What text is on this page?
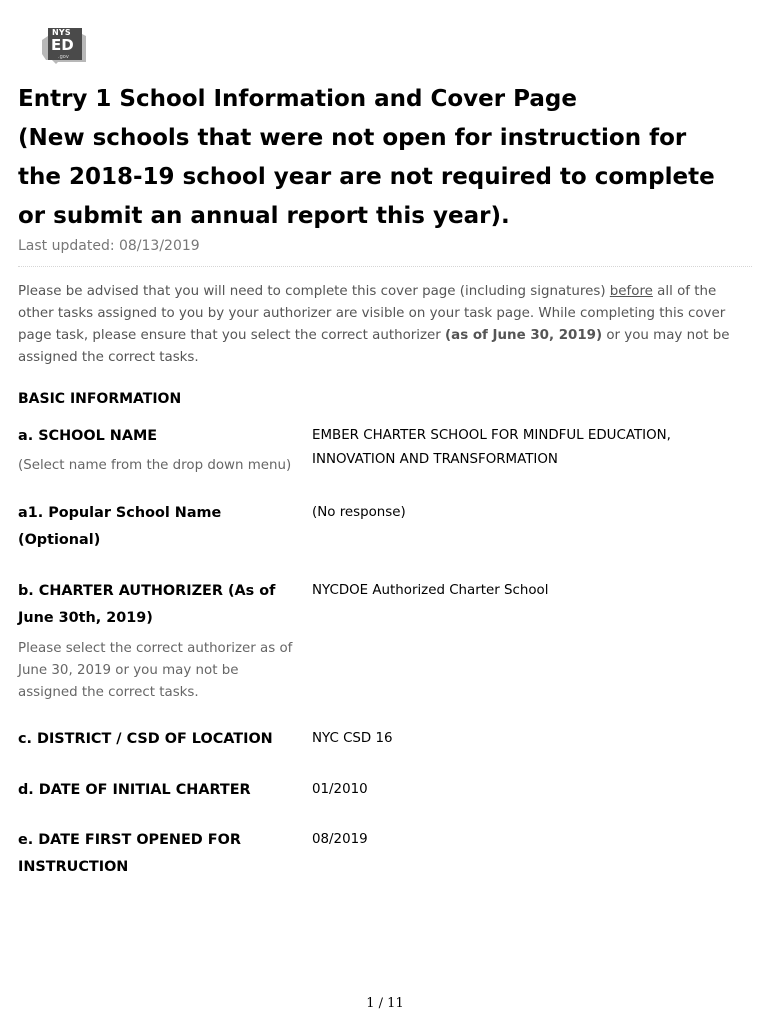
NYS
ED
.gov
Entry 1 School Information and Cover Page
(New schools that were not open for instruction for
the 2018-19 school year are not required to complete
or submit an annual report this year).
Last updated: 08/13/2019

Please be advised that you will need to complete this cover page (including signatures) before all of the other tasks assigned to you by your authorizer are visible on your task page. While completing this cover page task, please ensure that you select the correct authorizer (as of June 30, 2019) or you may not be assigned the correct tasks.

BASIC INFORMATION
a. SCHOOL NAME
(Select name from the drop down menu)
EMBER CHARTER SCHOOL FOR MINDFUL EDUCATION,
INNOVATION AND TRANSFORMATION
a1. Popular School Name
(Optional)
(No response)
b. CHARTER AUTHORIZER (As of
June 30th, 2019)
Please select the correct authorizer as of
June 30, 2019 or you may not be
assigned the correct tasks.
NYCDOE Authorized Charter School
c. DISTRICT / CSD OF LOCATION	NYC CSD 16
d. DATE OF INITIAL CHARTER	01/2010
e. DATE FIRST OPENED FOR
INSTRUCTION
08/2019
1 / 11
